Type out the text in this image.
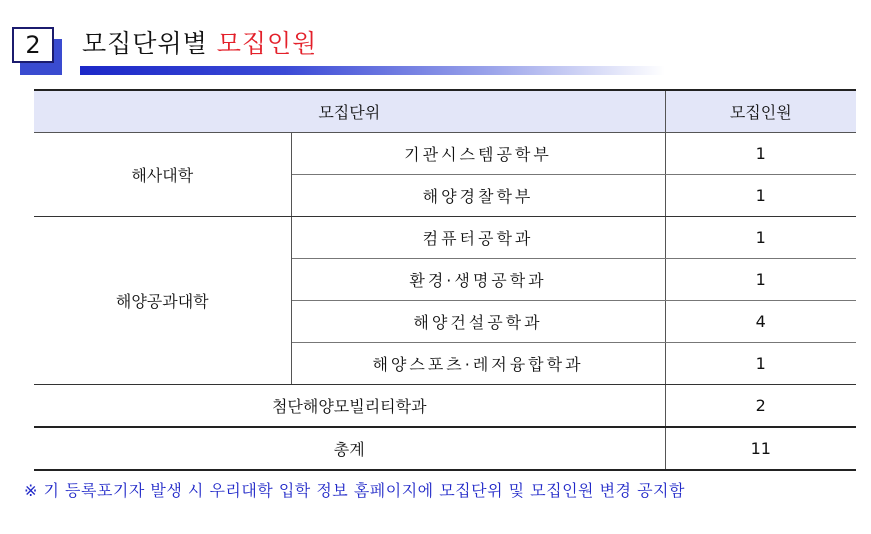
2	모집단위별 모집인원
모집단위		모집인원
해사대학	기관시스템공학부	1
	해양경찰학부	1
해양공과대학	컴퓨터공학과	1
	환경·생명공학과	1
	해양건설공학과	4
	해양스포츠·레저융합학과	1
첨단해양모빌리티학과		2
총계		11
※ 기 등록포기자 발생 시 우리대학 입학 정보 홈페이지에 모집단위 및 모집인원 변경 공지함
